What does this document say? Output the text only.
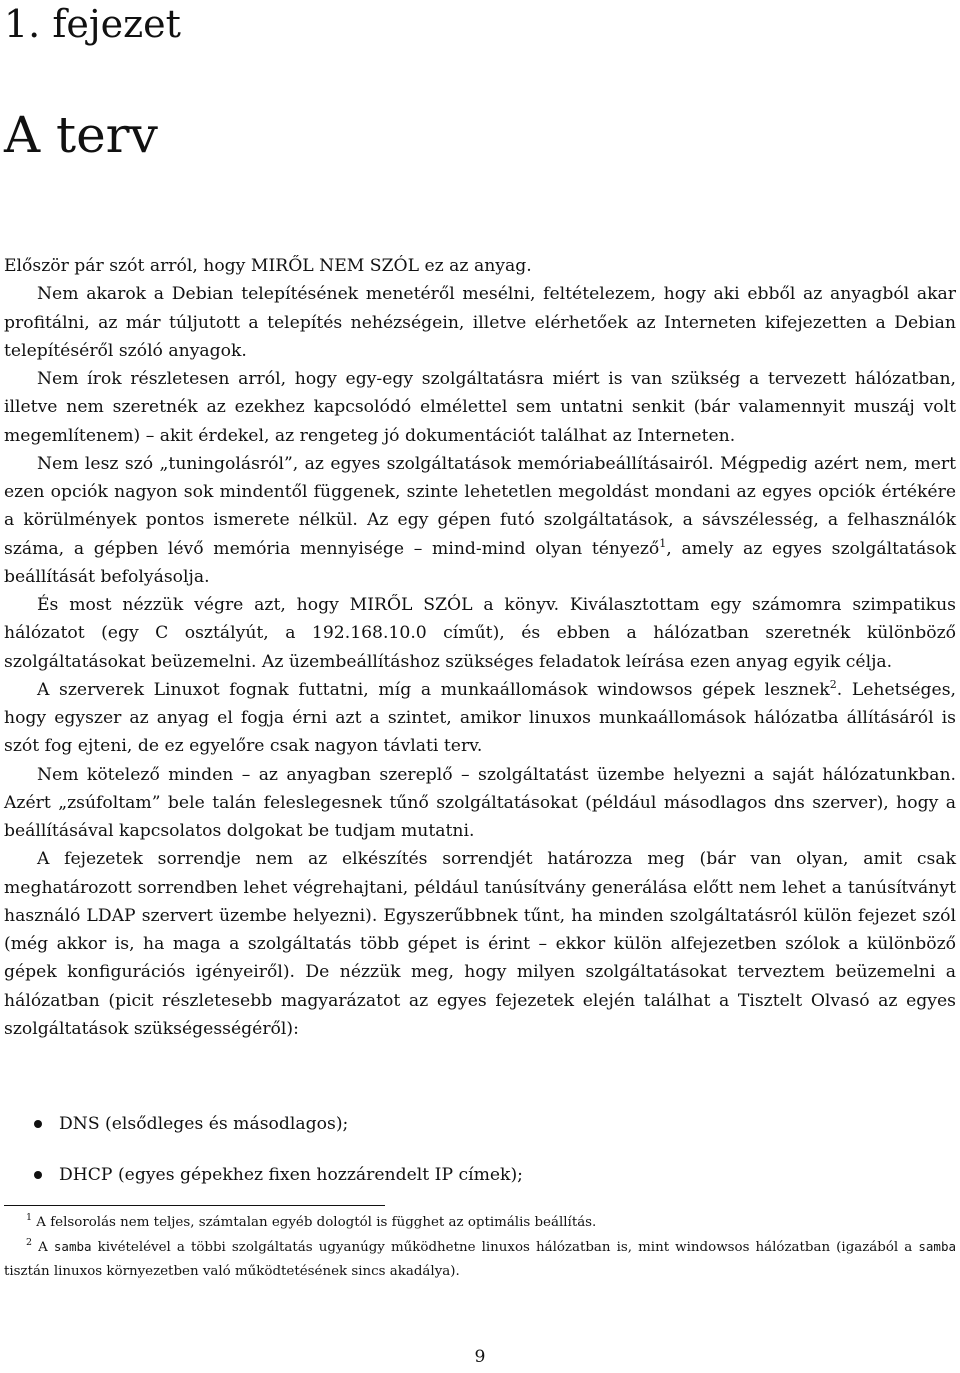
1. fejezet
A terv

Először pár szót arról, hogy MIRŐL NEM SZÓL ez az anyag.

Nem akarok a Debian telepítésének menetéről mesélni, feltételezem, hogy aki ebből az anyagból akar profitálni, az már túljutott a telepítés nehézségein, illetve elérhetőek az Interneten kifejezetten a Debian telepítéséről szóló anyagok.

Nem írok részletesen arról, hogy egy-egy szolgáltatásra miért is van szükség a tervezett hálózatban, illetve nem szeretnék az ezekhez kapcsolódó elmélettel sem untatni senkit (bár valamennyit muszáj volt megemlítenem) – akit érdekel, az rengeteg jó dokumentációt találhat az Interneten.

Nem lesz szó „tuningolásról”, az egyes szolgáltatások memóriabeállításairól. Mégpedig azért nem, mert ezen opciók nagyon sok mindentől függenek, szinte lehetetlen megoldást mondani az egyes opciók értékére a körülmények pontos ismerete nélkül. Az egy gépen futó szolgáltatások, a sávszélesség, a felhasználók száma, a gépben lévő memória mennyisége – mind-mind olyan tényező$^1$, amely az egyes szolgáltatások beállítását befolyásolja.

És most nézzük végre azt, hogy MIRŐL SZÓL a könyv. Kiválasztottam egy számomra szimpatikus hálózatot (egy C osztályút, a 192.168.10.0 címűt), és ebben a hálózatban szeretnék különböző szolgáltatásokat beüzemelni. Az üzembeállításhoz szükséges feladatok leírása ezen anyag egyik célja.

A szerverek Linuxot fognak futtatni, míg a munkaállomások windowsos gépek lesznek$^2$. Lehetséges, hogy egyszer az anyag el fogja érni azt a szintet, amikor linuxos munkaállomások hálózatba állításáról is szót fog ejteni, de ez egyelőre csak nagyon távlati terv.

Nem kötelező minden – az anyagban szereplő – szolgáltatást üzembe helyezni a saját hálózatunkban. Azért „zsúfoltam” bele talán feleslegesnek tűnő szolgáltatásokat (például másodlagos dns szerver), hogy a beállításával kapcsolatos dolgokat be tudjam mutatni.

A fejezetek sorrendje nem az elkészítés sorrendjét határozza meg (bár van olyan, amit csak meghatározott sorrendben lehet végrehajtani, például tanúsítvány generálása előtt nem lehet a tanúsítványt használó LDAP szervert üzembe helyezni). Egyszerűbbnek tűnt, ha minden szolgáltatásról külön fejezet szól (még akkor is, ha maga a szolgáltatás több gépet is érint – ekkor külön alfejezetben szólok a különböző gépek konfigurációs igényeiről). De nézzük meg, hogy milyen szolgáltatásokat terveztem beüzemelni a hálózatban (picit részletesebb magyarázatot az egyes fejezetek elején találhat a Tisztelt Olvasó az egyes szolgáltatások szükségességéről):

DNS (elsődleges és másodlagos);
DHCP (egyes gépekhez fixen hozzárendelt IP címek);

$^1$ A felsorolás nem teljes, számtalan egyéb dologtól is függhet az optimális beállítás.

$^2$ A samba kivételével a többi szolgáltatás ugyanúgy működhetne linuxos hálózatban is, mint windowsos hálózatban (igazából a samba tisztán linuxos környezetben való működtetésének sincs akadálya).

9
